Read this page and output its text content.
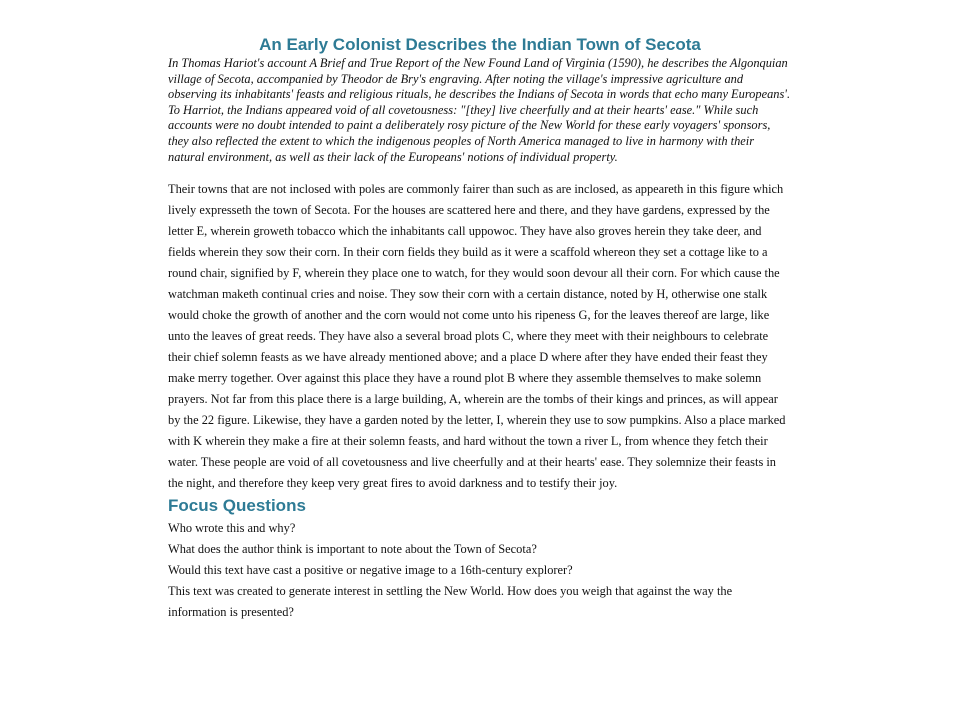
An Early Colonist Describes the Indian Town of Secota

In Thomas Hariot's account A Brief and True Report of the New Found Land of Virginia (1590), he describes the Algonquian village of Secota, accompanied by Theodor de Bry's engraving. After noting the village's impressive agriculture and observing its inhabitants' feasts and religious rituals, he describes the Indians of Secota in words that echo many Europeans'. To Harriot, the Indians appeared void of all covetousness: "[they] live cheerfully and at their hearts' ease." While such accounts were no doubt intended to paint a deliberately rosy picture of the New World for these early voyagers' sponsors, they also reflected the extent to which the indigenous peoples of North America managed to live in harmony with their natural environment, as well as their lack of the Europeans' notions of individual property.

Their towns that are not inclosed with poles are commonly fairer than such as are inclosed, as appeareth in this figure which lively expresseth the town of Secota. For the houses are scattered here and there, and they have gardens, expressed by the letter E, wherein groweth tobacco which the inhabitants call uppowoc. They have also groves herein they take deer, and fields wherein they sow their corn. In their corn fields they build as it were a scaffold whereon they set a cottage like to a round chair, signified by F, wherein they place one to watch, for they would soon devour all their corn. For which cause the watchman maketh continual cries and noise. They sow their corn with a certain distance, noted by H, otherwise one stalk would choke the growth of another and the corn would not come unto his ripeness G, for the leaves thereof are large, like unto the leaves of great reeds. They have also a several broad plots C, where they meet with their neighbours to celebrate their chief solemn feasts as we have already mentioned above; and a place D where after they have ended their feast they make merry together. Over against this place they have a round plot B where they assemble themselves to make solemn prayers. Not far from this place there is a large building, A, wherein are the tombs of their kings and princes, as will appear by the 22 figure. Likewise, they have a garden noted by the letter, I, wherein they use to sow pumpkins. Also a place marked with K wherein they make a fire at their solemn feasts, and hard without the town a river L, from whence they fetch their water. These people are void of all covetousness and live cheerfully and at their hearts' ease. They solemnize their feasts in the night, and therefore they keep very great fires to avoid darkness and to testify their joy.

Focus Questions
Who wrote this and why?
What does the author think is important to note about the Town of Secota?
Would this text have cast a positive or negative image to a 16th-century explorer?
This text was created to generate interest in settling the New World. How does you weigh that against the way the information is presented?
